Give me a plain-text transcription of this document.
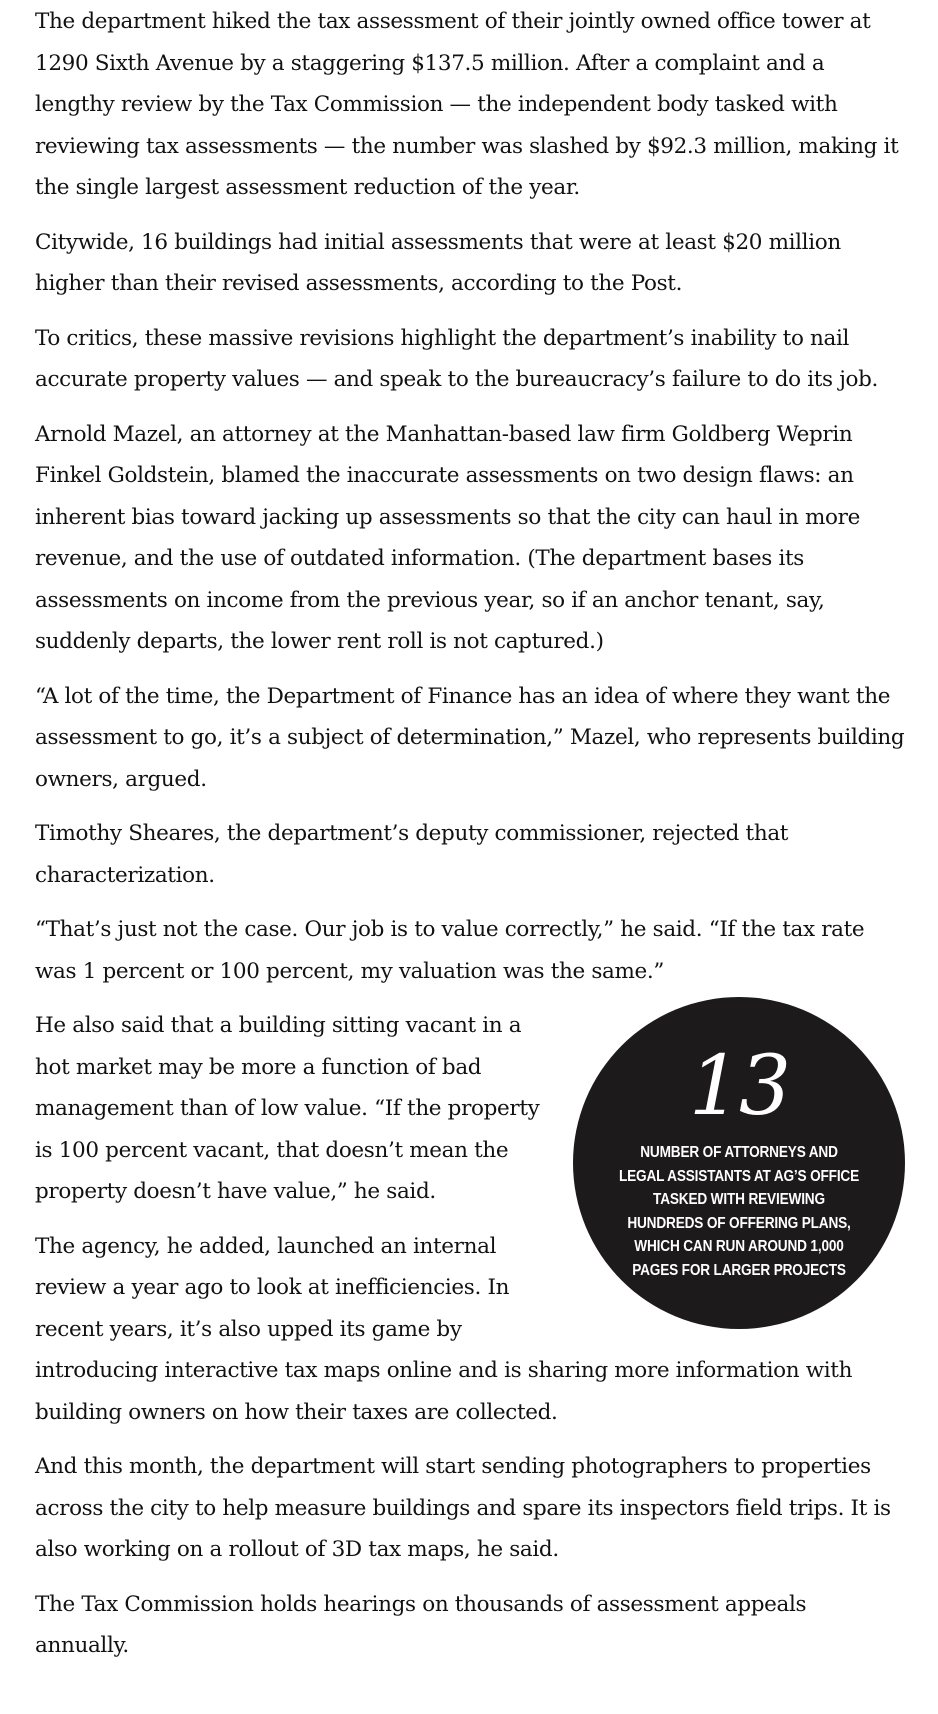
The department hiked the tax assessment of their jointly owned office tower at 1290 Sixth Avenue by a staggering $137.5 million. After a complaint and a lengthy review by the Tax Commission — the independent body tasked with reviewing tax assessments — the number was slashed by $92.3 million, making it the single largest assessment reduction of the year.

Citywide, 16 buildings had initial assessments that were at least $20 million higher than their revised assessments, according to the Post.

To critics, these massive revisions highlight the department’s inability to nail accurate property values — and speak to the bureaucracy’s failure to do its job.

Arnold Mazel, an attorney at the Manhattan-based law firm Goldberg Weprin Finkel Goldstein, blamed the inaccurate assessments on two design flaws: an inherent bias toward jacking up assessments so that the city can haul in more revenue, and the use of outdated information. (The department bases its assessments on income from the previous year, so if an anchor tenant, say, suddenly departs, the lower rent roll is not captured.)

“A lot of the time, the Department of Finance has an idea of where they want the assessment to go, it’s a subject of determination,” Mazel, who represents building owners, argued.

Timothy Sheares, the department’s deputy commissioner, rejected that characterization.

“That’s just not the case. Our job is to value correctly,” he said. “If the tax rate was 1 percent or 100 percent, my valuation was the same.”

13
NUMBER OF ATTORNEYS AND LEGAL ASSISTANTS AT AG’S OFFICE TASKED WITH REVIEWING HUNDREDS OF OFFERING PLANS, WHICH CAN RUN AROUND 1,000 PAGES FOR LARGER PROJECTS

He also said that a building sitting vacant in a hot market may be more a function of bad management than of low value. “If the property is 100 percent vacant, that doesn’t mean the property doesn’t have value,” he said.

The agency, he added, launched an internal review a year ago to look at inefficiencies. In recent years, it’s also upped its game by introducing interactive tax maps online and is sharing more information with building owners on how their taxes are collected.

And this month, the department will start sending photographers to properties across the city to help measure buildings and spare its inspectors field trips. It is also working on a rollout of 3D tax maps, he said.

The Tax Commission holds hearings on thousands of assessment appeals annually.
